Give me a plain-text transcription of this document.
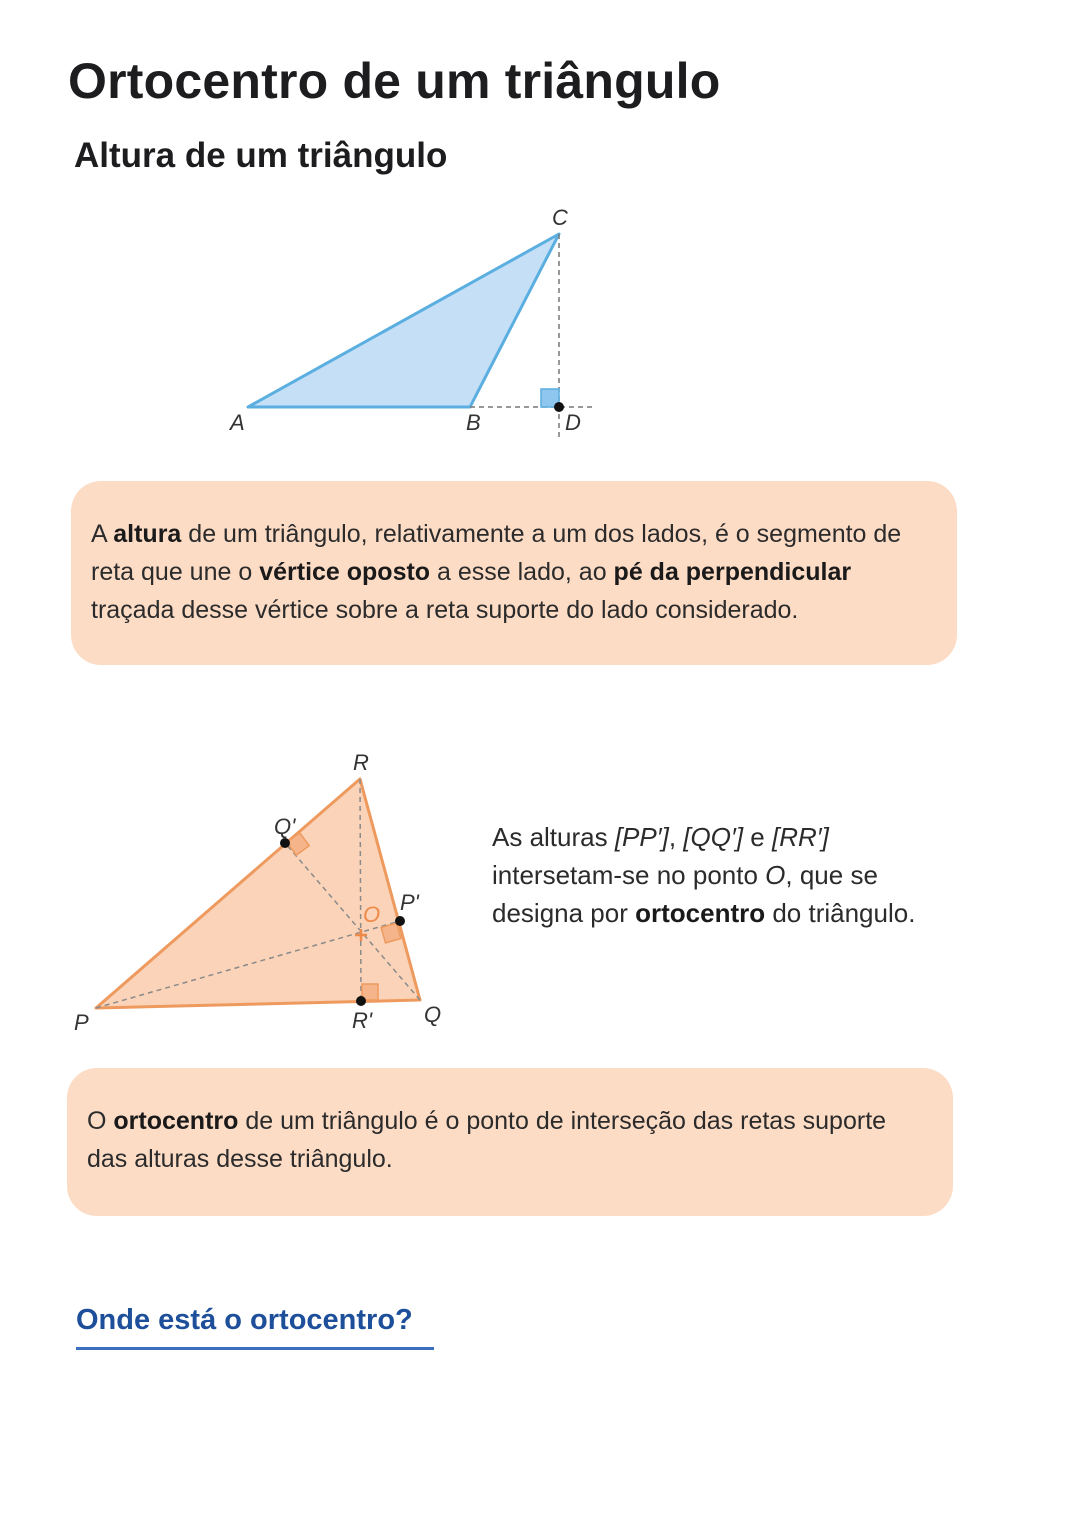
Ortocentro de um triângulo
Altura de um triângulo
A	B
C
D
A altura de um triângulo, relativamente a um dos lados, é o segmento de reta que une o vértice oposto a esse lado, ao pé da perpendicular traçada desse vértice sobre a reta suporte do lado considerado.
P	Q
R
P'
Q'
R'
O
As alturas [PP′], [QQ′] e [RR′] intersetam-se no ponto O, que se designa por ortocentro do triângulo.
O ortocentro de um triângulo é o ponto de interseção das retas suporte das alturas desse triângulo.
Onde está o ortocentro?
